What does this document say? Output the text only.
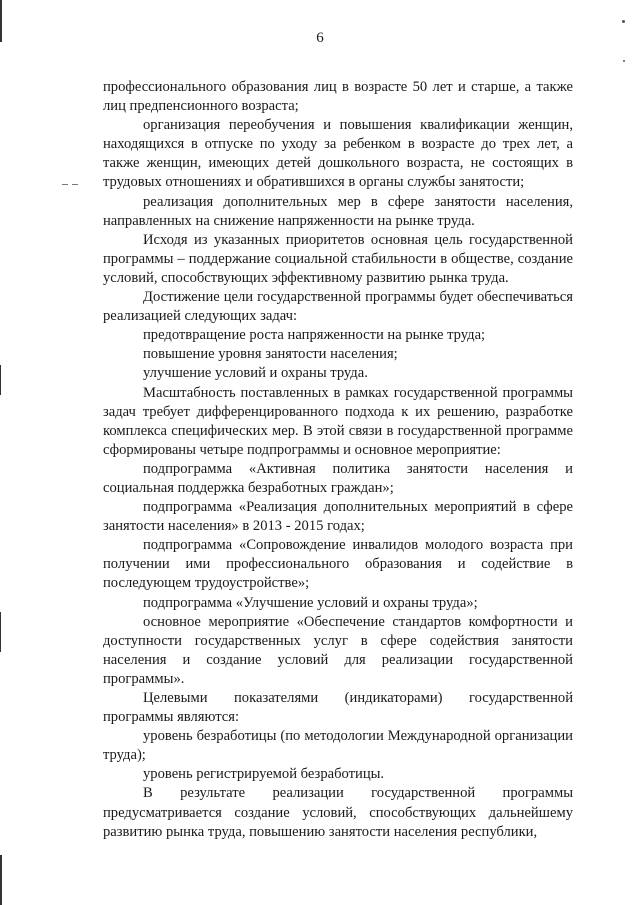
6

профессионального образования лиц в возрасте 50 лет и старше, а также лиц предпенсионного возраста;

организация переобучения и повышения квалификации женщин, находящихся в отпуске по уходу за ребенком в возрасте до трех лет, а также женщин, имеющих детей дошкольного возраста, не состоящих в трудовых отношениях и обратившихся в органы службы занятости;

реализация дополнительных мер в сфере занятости населения, направленных на снижение напряженности на рынке труда.

Исходя из указанных приоритетов основная цель государственной программы – поддержание социальной стабильности в обществе, создание условий, способствующих эффективному развитию рынка труда.

Достижение цели государственной программы будет обеспечиваться реализацией следующих задач:

предотвращение роста напряженности на рынке труда;

повышение уровня занятости населения;

улучшение условий и охраны труда.

Масштабность поставленных в рамках государственной программы задач требует дифференцированного подхода к их решению, разработке комплекса специфических мер. В этой связи в государственной программе сформированы четыре подпрограммы и основное мероприятие:

подпрограмма «Активная политика занятости населения и социальная поддержка безработных граждан»;

подпрограмма «Реализация дополнительных мероприятий в сфере занятости населения» в 2013 - 2015 годах;

подпрограмма «Сопровождение инвалидов молодого возраста при получении ими профессионального образования и содействие в последующем трудоустройстве»;

подпрограмма «Улучшение условий и охраны труда»;

основное мероприятие «Обеспечение стандартов комфортности и доступности государственных услуг в сфере содействия занятости населения и создание условий для реализации государственной программы».

Целевыми показателями (индикаторами) государственной программы являются:

уровень безработицы (по методологии Международной организации труда);

уровень регистрируемой безработицы.

В результате реализации государственной программы предусматривается создание условий, способствующих дальнейшему развитию рынка труда, повышению занятости населения республики,
